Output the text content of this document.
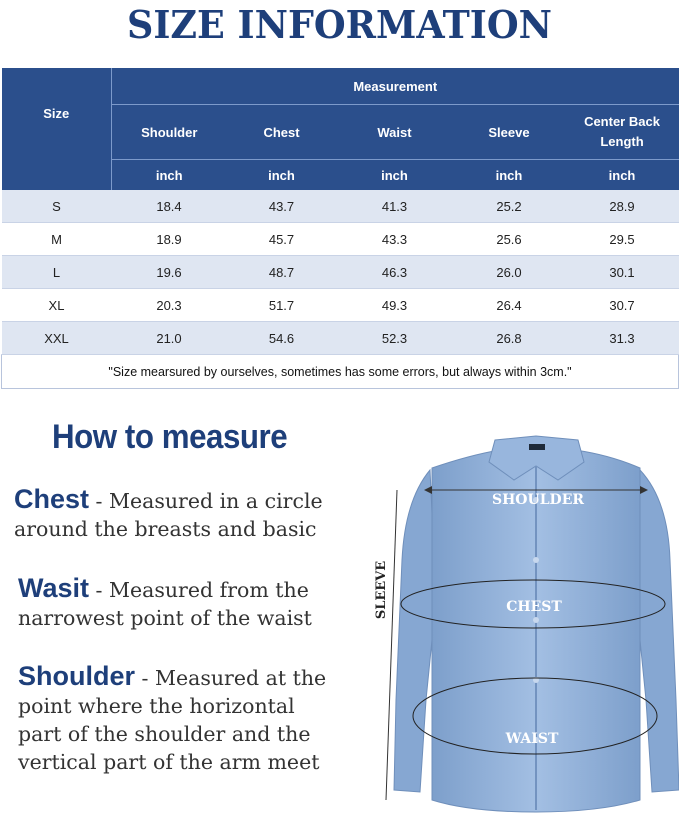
SIZE INFORMATION
Size	Measurement				
	Shoulder	Chest	Waist	Sleeve	Center Back Length
	inch	inch	inch	inch	inch
S	18.4	43.7	41.3	25.2	28.9
M	18.9	45.7	43.3	25.6	29.5
L	19.6	48.7	46.3	26.0	30.1
XL	20.3	51.7	49.3	26.4	30.7
XXL	21.0	54.6	52.3	26.8	31.3
"Size mearsured by ourselves, sometimes has some errors, but always within 3cm."					
How to measure
Chest - Measured in a circle
around the breasts and basic
Wasit - Measured from the
narrowest point of the waist
Shoulder - Measured at the
point where the horizontal
part of the shoulder and the
vertical part of the arm meet
SHOULDER
CHEST
WAIST
SLEEVE
